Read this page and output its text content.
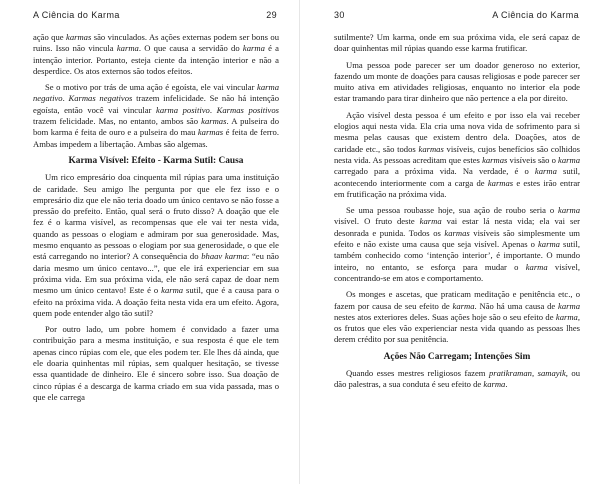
A Ciência do Karma	29

ação que karmas são vinculados. As ações externas podem ser bons ou ruins. Isso não vincula karma. O que causa a servidão do karma é a intenção interior. Portanto, esteja ciente da intenção interior e não a desperdice. Os atos externos são todos efeitos.

Se o motivo por trás de uma ação é egoísta, ele vai vincular karma negativo. Karmas negativos trazem infelicidade. Se não há intenção egoísta, então você vai vincular karma positivo. Karmas positivos trazem felicidade. Mas, no entanto, ambos são karmas. A pulseira do bom karma é feita de ouro e a pulseira do mau karmas é feita de ferro. Ambas impedem a libertação. Ambas são algemas.

Karma Visível: Efeito - Karma Sutil: Causa

Um rico empresário doa cinquenta mil rúpias para uma instituição de caridade. Seu amigo lhe pergunta por que ele fez isso e o empresário diz que ele não teria doado um único centavo se não fosse a pressão do prefeito. Então, qual será o fruto disso? A doação que ele fez é o karma visível, as recompensas que ele vai ter nesta vida, quando as pessoas o elogiam e admiram por sua generosidade. Mas, mesmo enquanto as pessoas o elogiam por sua generosidade, o que ele está carregando no interior? A consequência do bhaav karma: “eu não daria mesmo um único centavo...”, que ele irá experienciar em sua próxima vida. Em sua próxima vida, ele não será capaz de doar nem mesmo um único centavo! Este é o karma sutil, que é a causa para o efeito na próxima vida. A doação feita nesta vida era um efeito. Agora, quem pode entender algo tão sutil?

Por outro lado, um pobre homem é convidado a fazer uma contribuição para a mesma instituição, e sua resposta é que ele tem apenas cinco rúpias com ele, que eles podem ter. Ele lhes dá ainda, que ele doaria quinhentas mil rúpias, sem qualquer hesitação, se tivesse essa quantidade de dinheiro. Ele é sincero sobre isso. Sua doação de cinco rúpias é a descarga de karma criado em sua vida passada, mas o que ele carrega

30	A Ciência do Karma

sutilmente? Um karma, onde em sua próxima vida, ele será capaz de doar quinhentas mil rúpias quando esse karma frutificar.

Uma pessoa pode parecer ser um doador generoso no exterior, fazendo um monte de doações para causas religiosas e pode parecer ser muito ativa em atividades religiosas, enquanto no interior ela pode estar tramando para tirar dinheiro que não pertence a ela por direito.

Ação visível desta pessoa é um efeito e por isso ela vai receber elogios aqui nesta vida. Ela cria uma nova vida de sofrimento para si mesma pelas causas que existem dentro dela. Doações, atos de caridade etc., são todos karmas visíveis, cujos benefícios são colhidos nesta vida. As pessoas acreditam que estes karmas visíveis são o karma carregado para a próxima vida. Na verdade, é o karma sutil, acontecendo interiormente com a carga de karmas e estes irão entrar em frutificação na próxima vida.

Se uma pessoa roubasse hoje, sua ação de roubo seria o karma visível. O fruto deste karma vai estar lá nesta vida; ela vai ser desonrada e punida. Todos os karmas visíveis são simplesmente um efeito e não existe uma causa que seja visível. Apenas o karma sutil, também conhecido como ‘intenção interior’, é importante. O mundo inteiro, no entanto, se esforça para mudar o karma visível, concentrando-se em atos e comportamento.

Os monges e ascetas, que praticam meditação e penitência etc., o fazem por causa de seu efeito de karma. Não há uma causa de karma nestes atos exteriores deles. Suas ações hoje são o seu efeito de karma, os frutos que eles vão experienciar nesta vida quando as pessoas lhes derem crédito por sua penitência.

Ações Não Carregam; Intenções Sim

Quando esses mestres religiosos fazem pratikraman, samayik, ou dão palestras, a sua conduta é seu efeito de karma.
